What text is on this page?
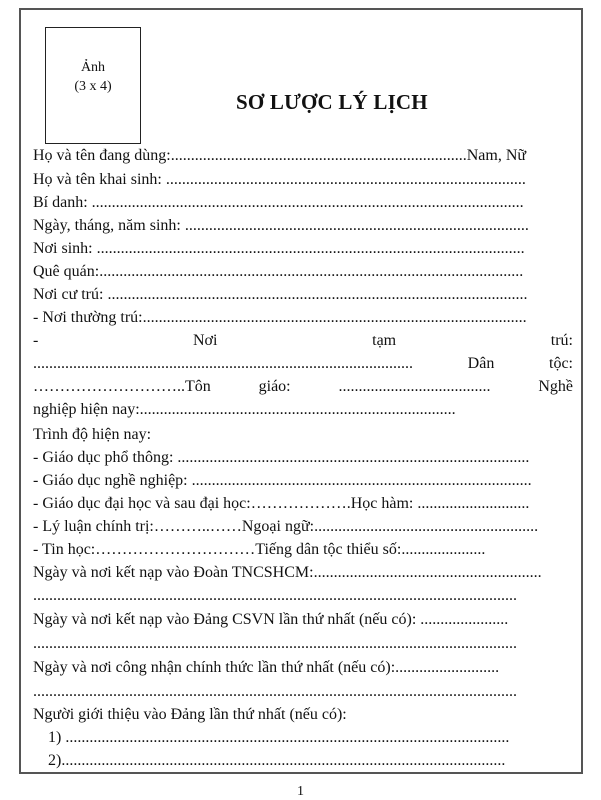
Ảnh
(3 x 4)
SƠ LƯỢC LÝ LỊCH
Họ và tên đang dùng:..........................................................................Nam, Nữ
Họ và tên khai sinh: ..........................................................................................
Bí danh: ............................................................................................................
Ngày, tháng, năm sinh: ......................................................................................
Nơi sinh: ...........................................................................................................
Quê quán:..........................................................................................................
Nơi cư trú: .........................................................................................................
- Nơi thường trú:................................................................................................
- Nơi tạm trú:
............................................................................................... Dân tộc:
………………………..Tôn giáo: ...................................... Nghề
nghiệp hiện nay:...............................................................................
Trình độ hiện nay:
- Giáo dục phổ thông: ........................................................................................
- Giáo dục nghề nghiệp: .....................................................................................
- Giáo dục đại học và sau đại học:……………….Học hàm: ............................
- Lý luận chính trị:………..……Ngoại ngữ:........................................................
- Tin học:…………………………Tiếng dân tộc thiểu số:.....................
Ngày và nơi kết nạp vào Đoàn TNCSHCM:.........................................................
.........................................................................................................................
Ngày và nơi kết nạp vào Đảng CSVN lần thứ nhất (nếu có): ......................
.........................................................................................................................
Ngày và nơi công nhận chính thức lần thứ nhất (nếu có):..........................
.........................................................................................................................
Người giới thiệu vào Đảng lần thứ nhất (nếu có):
1) ...............................................................................................................
2)...............................................................................................................
1
